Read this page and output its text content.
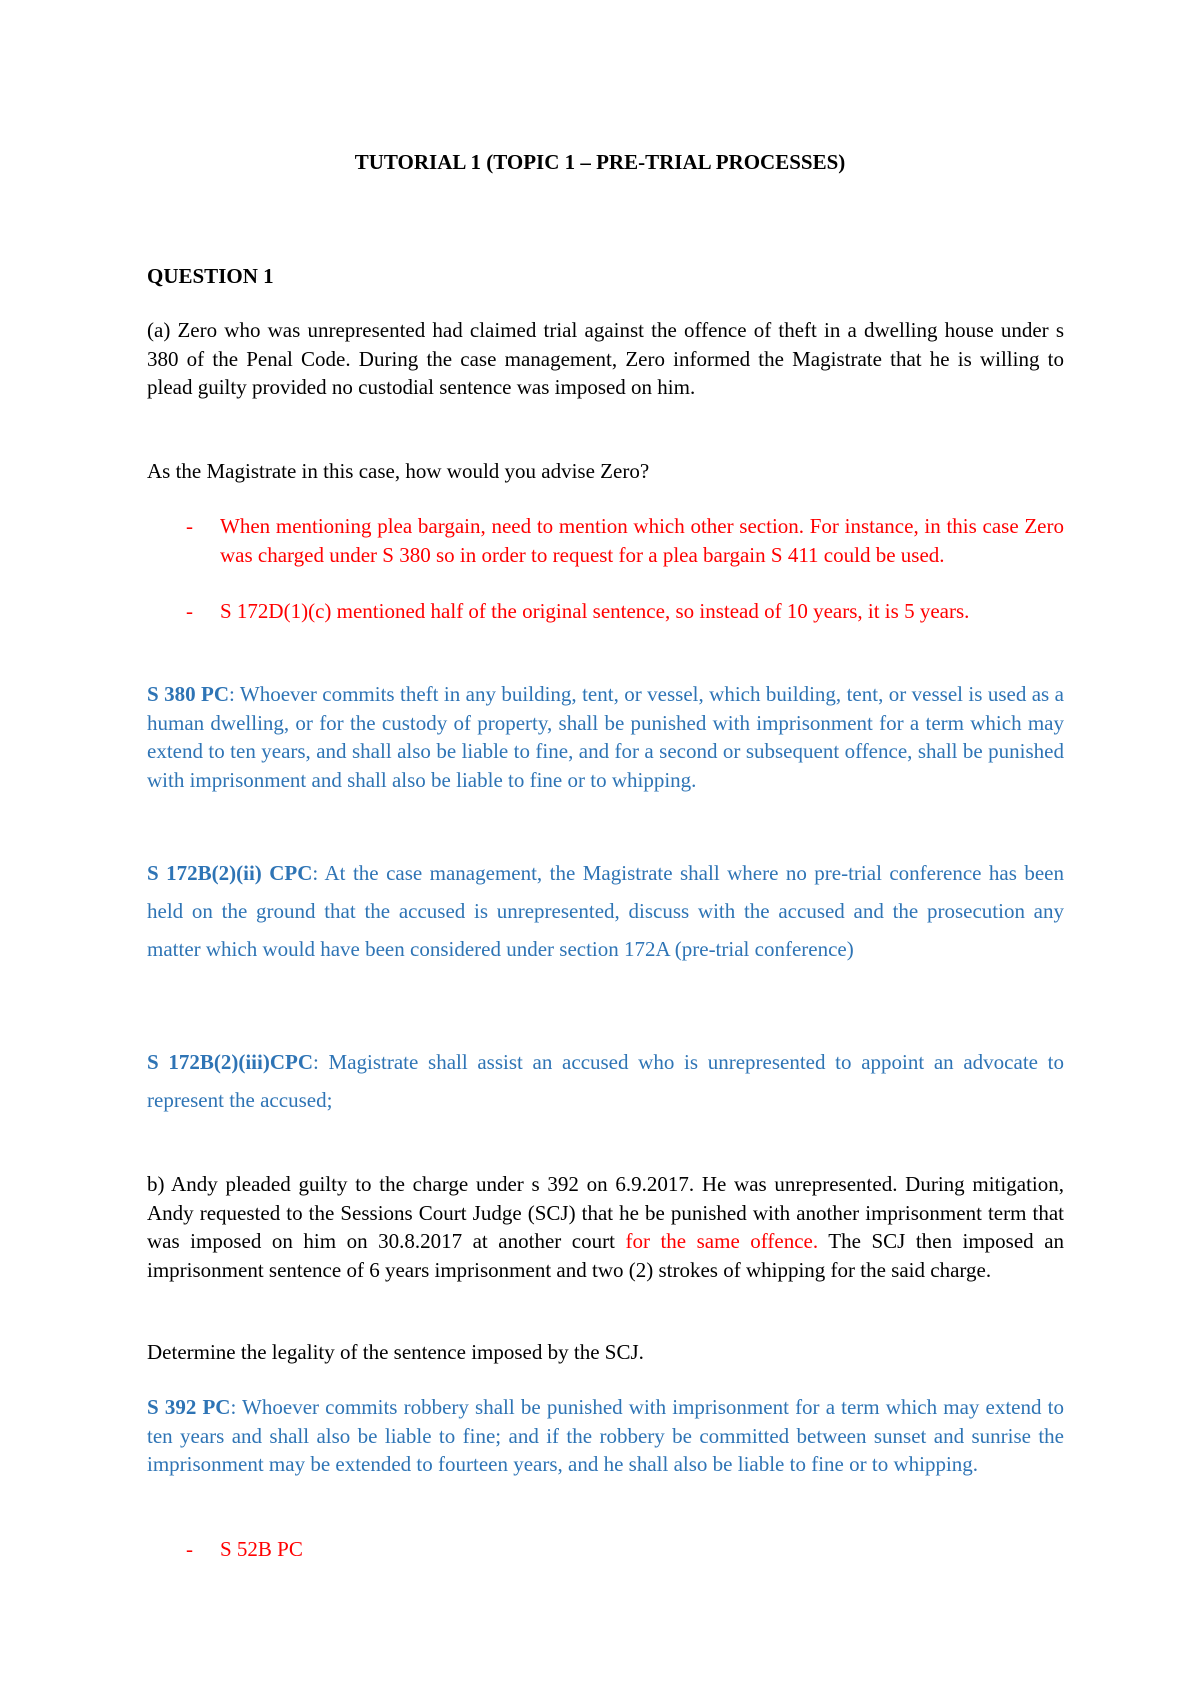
TUTORIAL 1 (TOPIC 1 – PRE-TRIAL PROCESSES)

QUESTION 1

(a) Zero who was unrepresented had claimed trial against the offence of theft in a dwelling house under s 380 of the Penal Code. During the case management, Zero informed the Magistrate that he is willing to plead guilty provided no custodial sentence was imposed on him.

As the Magistrate in this case, how would you advise Zero?

- When mentioning plea bargain, need to mention which other section. For instance, in this case Zero was charged under S 380 so in order to request for a plea bargain S 411 could be used.
- S 172D(1)(c) mentioned half of the original sentence, so instead of 10 years, it is 5 years.

S 380 PC: Whoever commits theft in any building, tent, or vessel, which building, tent, or vessel is used as a human dwelling, or for the custody of property, shall be punished with imprisonment for a term which may extend to ten years, and shall also be liable to fine, and for a second or subsequent offence, shall be punished with imprisonment and shall also be liable to fine or to whipping.

S 172B(2)(ii) CPC: At the case management, the Magistrate shall where no pre-trial conference has been held on the ground that the accused is unrepresented, discuss with the accused and the prosecution any matter which would have been considered under section 172A (pre-trial conference)

S 172B(2)(iii)CPC: Magistrate shall assist an accused who is unrepresented to appoint an advocate to represent the accused;

b) Andy pleaded guilty to the charge under s 392 on 6.9.2017. He was unrepresented. During mitigation, Andy requested to the Sessions Court Judge (SCJ) that he be punished with another imprisonment term that was imposed on him on 30.8.2017 at another court for the same offence. The SCJ then imposed an imprisonment sentence of 6 years imprisonment and two (2) strokes of whipping for the said charge.

Determine the legality of the sentence imposed by the SCJ.

S 392 PC: Whoever commits robbery shall be punished with imprisonment for a term which may extend to ten years and shall also be liable to fine; and if the robbery be committed between sunset and sunrise the imprisonment may be extended to fourteen years, and he shall also be liable to fine or to whipping.

- S 52B PC
